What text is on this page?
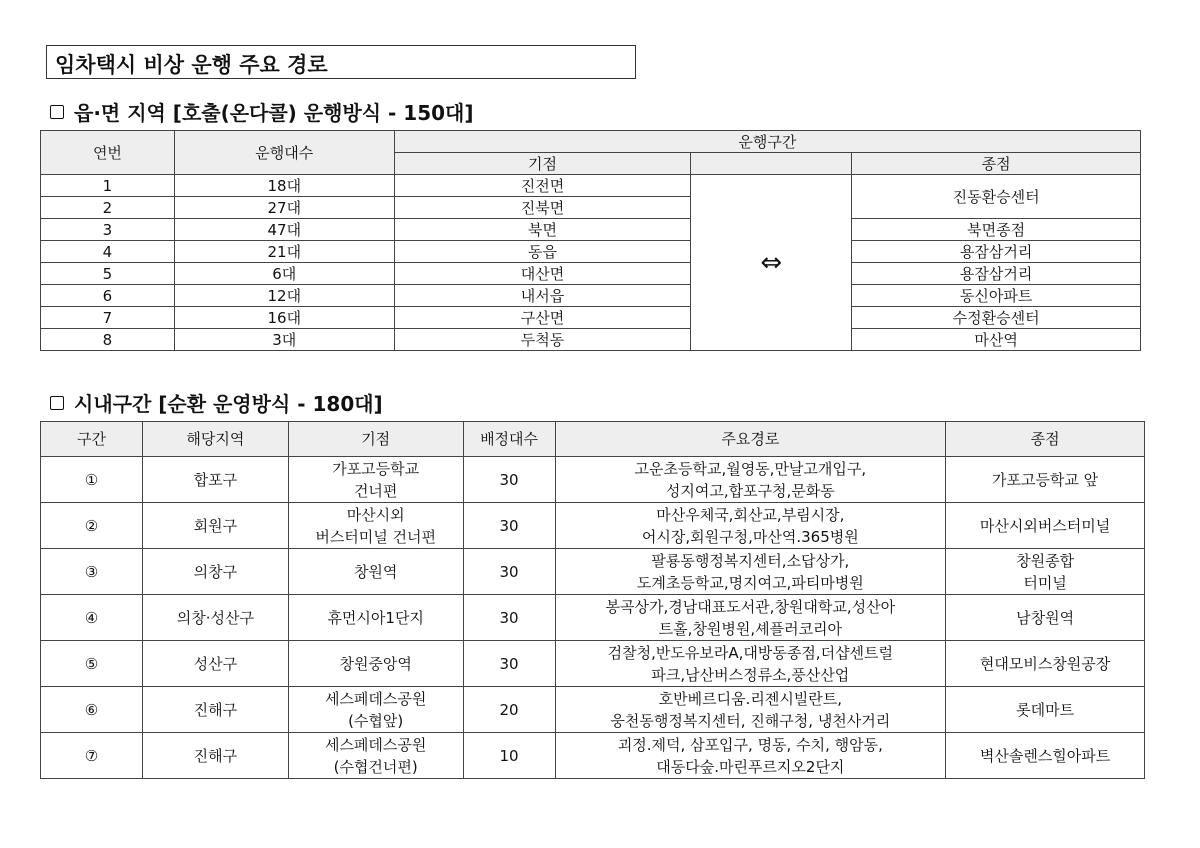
임차택시 비상 운행 주요 경로
읍·면 지역 [호출(온다콜) 운행방식 - 150대]
연번	운행대수	운행구간		
		기점		종점
1	18대	진전면	⇔	진동환승센터
2	27대	진북면		
3	47대	북면		북면종점
4	21대	동읍		용잠삼거리
5	6대	대산면		용잠삼거리
6	12대	내서읍		동신아파트
7	16대	구산면		수정환승센터
8	3대	두척동		마산역
시내구간 [순환 운영방식 - 180대]
구간	해당지역	기점	배정대수	주요경로	종점
①	합포구	가포고등학교
건너편	30	고운초등학교,월영동,만날고개입구,
성지여고,합포구청,문화동	가포고등학교 앞

②	회원구	마산시외
버스터미널 건너편	30	마산우체국,회산교,부림시장,
어시장,회원구청,마산역.365병원	마산시외버스터미널

③	의창구	창원역	30	팔룡동행정복지센터,소답상가,
도계초등학교,명지여고,파티마병원	창원종합
터미널

④	의창·성산구	휴먼시아1단지	30	봉곡상가,경남대표도서관,창원대학교,성산아
트홀,창원병원,셰플러코리아	남창원역

⑤	성산구	창원중앙역	30	검찰청,반도유보라A,대방동종점,더샵센트럴
파크,남산버스정류소,풍산산업	현대모비스창원공장

⑥	진해구	세스페데스공원
(수협앞)	20	호반베르디움.리젠시빌란트,
웅천동행정복지센터, 진해구청, 냉천사거리	롯데마트

⑦	진해구	세스페데스공원
(수협건너편)	10	괴정.제덕, 삼포입구, 명동, 수치, 행암동,
대동다숲.마린푸르지오2단지	벽산솔렌스힐아파트
